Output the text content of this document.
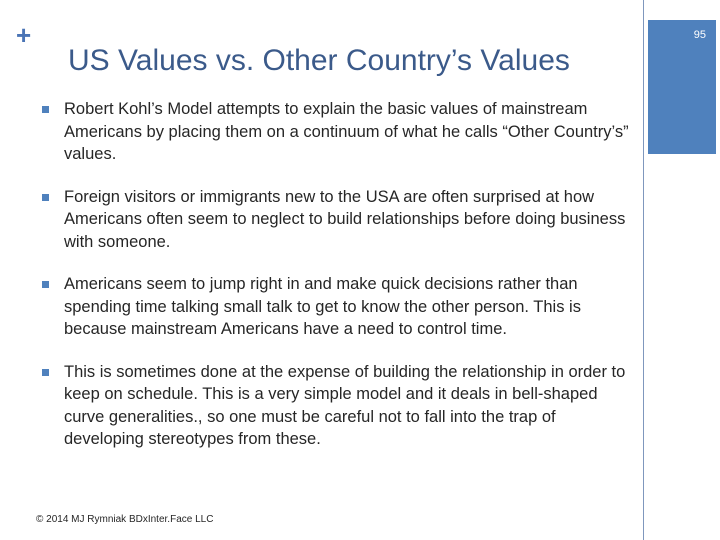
+	95
US Values vs. Other Country’s Values
Robert Kohl’s Model attempts to explain the basic values of mainstream Americans by placing them on a continuum of what he calls “Other Country’s” values.
Foreign visitors or immigrants new to the USA are often surprised at how Americans often seem to neglect to build relationships before doing business with someone.
Americans seem to jump right in and make quick decisions rather than spending time talking small talk to get to know the other person. This is because mainstream Americans have a need to control time.
This is sometimes done at the expense of building the relationship in order to keep on schedule. This is a very simple model and it deals in bell-shaped curve generalities., so one must be careful not to fall into the trap of developing stereotypes from these.
© 2014 MJ Rymniak BDxInter.Face LLC
